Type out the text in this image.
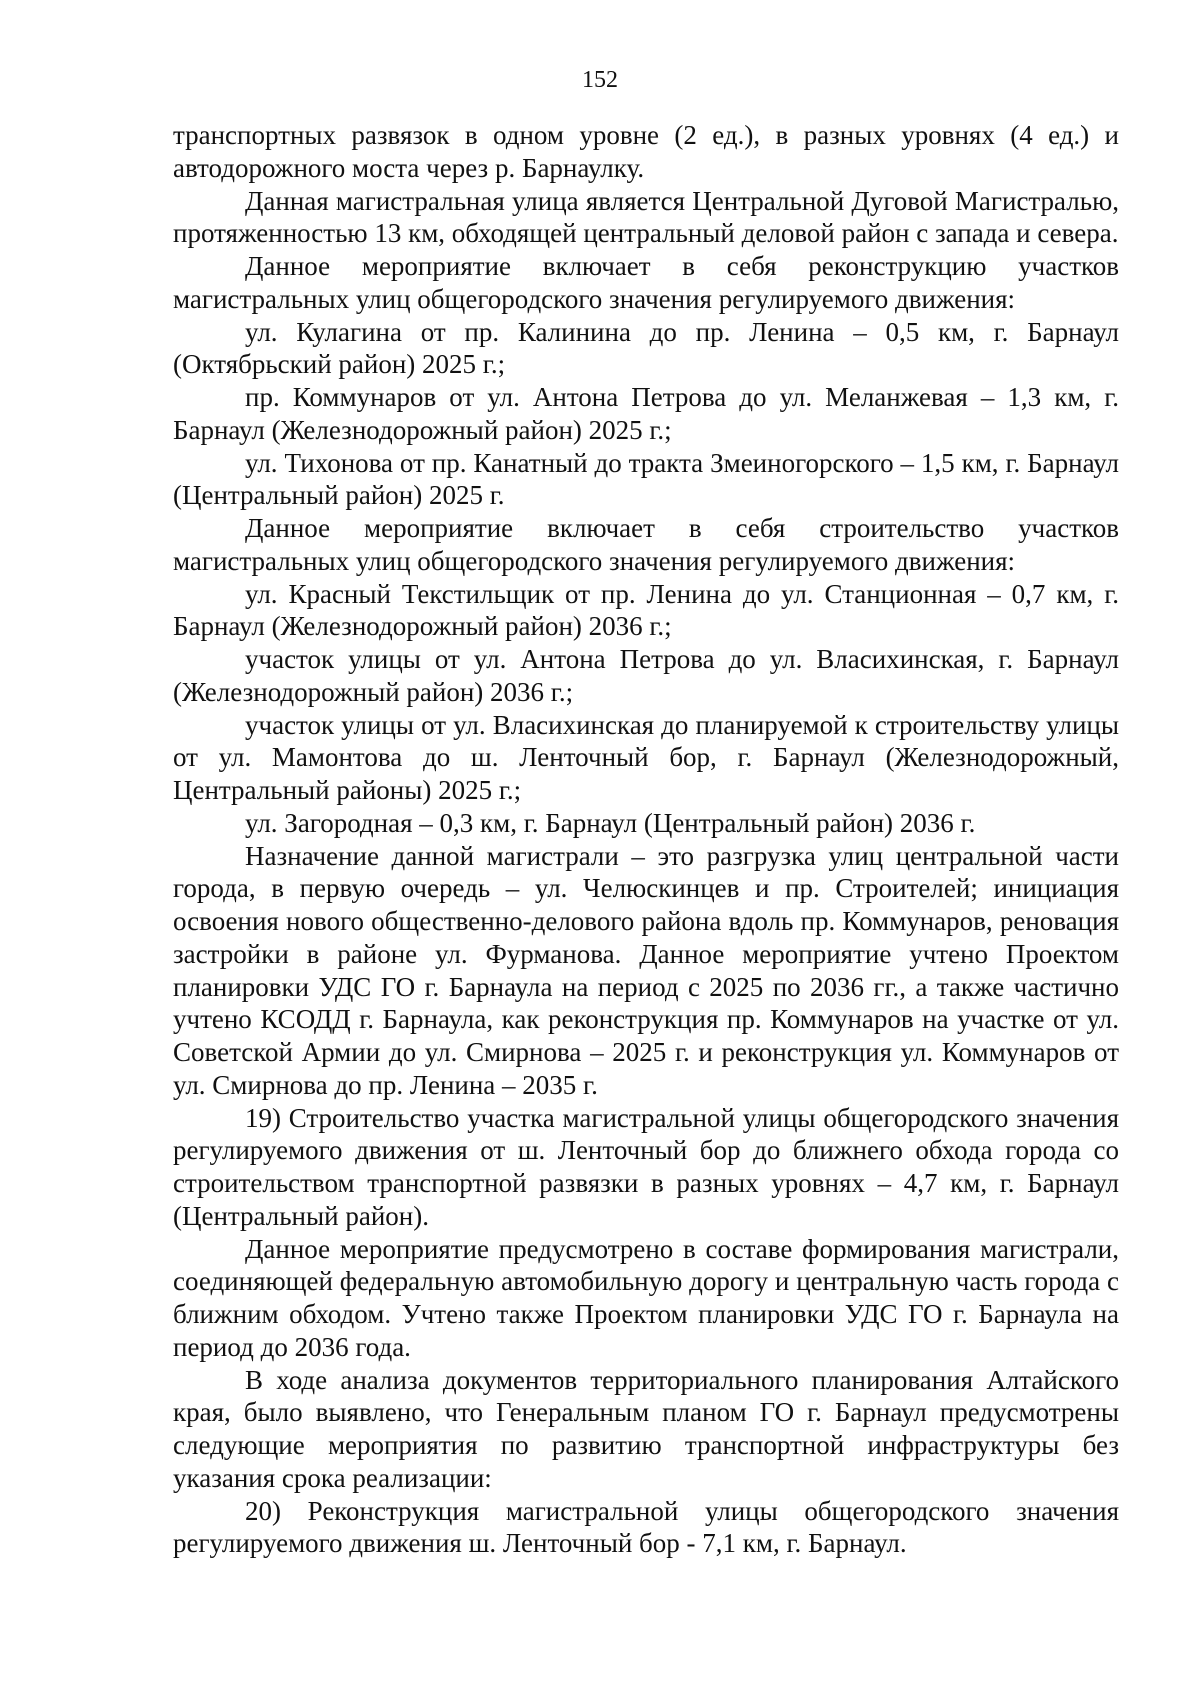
152

транспортных развязок в одном уровне (2 ед.), в разных уровнях (4 ед.) и автодорожного моста через р. Барнаулку.

Данная магистральная улица является Центральной Дуговой Магистралью, протяженностью 13 км, обходящей центральный деловой район с запада и севера.

Данное мероприятие включает в себя реконструкцию участков магистральных улиц общегородского значения регулируемого движения:

ул. Кулагина от пр. Калинина до пр. Ленина – 0,5 км, г. Барнаул (Октябрьский район) 2025 г.;

пр. Коммунаров от ул. Антона Петрова до ул. Меланжевая – 1,3 км, г. Барнаул (Железнодорожный район) 2025 г.;

ул. Тихонова от пр. Канатный до тракта Змеиногорского – 1,5 км, г. Барнаул (Центральный район) 2025 г.

Данное мероприятие включает в себя строительство участков магистральных улиц общегородского значения регулируемого движения:

ул. Красный Текстильщик от пр. Ленина до ул. Станционная – 0,7 км, г. Барнаул (Железнодорожный район) 2036 г.;

участок улицы от ул. Антона Петрова до ул. Власихинская, г. Барнаул (Железнодорожный район) 2036 г.;

участок улицы от ул. Власихинская до планируемой к строительству улицы от ул. Мамонтова до ш. Ленточный бор, г. Барнаул (Железнодорожный, Центральный районы) 2025 г.;

ул. Загородная – 0,3 км, г. Барнаул (Центральный район) 2036 г.

Назначение данной магистрали – это разгрузка улиц центральной части города, в первую очередь – ул. Челюскинцев и пр. Строителей; инициация освоения нового общественно-делового района вдоль пр. Коммунаров, реновация застройки в районе ул. Фурманова. Данное мероприятие учтено Проектом планировки УДС ГО г. Барнаула на период с 2025 по 2036 гг., а также частично учтено КСОДД г. Барнаула, как реконструкция пр. Коммунаров на участке от ул. Советской Армии до ул. Смирнова – 2025 г. и реконструкция ул. Коммунаров от ул. Смирнова до пр. Ленина – 2035 г.

19) Строительство участка магистральной улицы общегородского значения регулируемого движения от ш. Ленточный бор до ближнего обхода города со строительством транспортной развязки в разных уровнях – 4,7 км, г. Барнаул (Центральный район).

Данное мероприятие предусмотрено в составе формирования магистрали, соединяющей федеральную автомобильную дорогу и центральную часть города с ближним обходом. Учтено также Проектом планировки УДС ГО г. Барнаула на период до 2036 года.

В ходе анализа документов территориального планирования Алтайского края, было выявлено, что Генеральным планом ГО г. Барнаул предусмотрены следующие мероприятия по развитию транспортной инфраструктуры без указания срока реализации:

20) Реконструкция магистральной улицы общегородского значения регулируемого движения ш. Ленточный бор - 7,1 км, г. Барнаул.
